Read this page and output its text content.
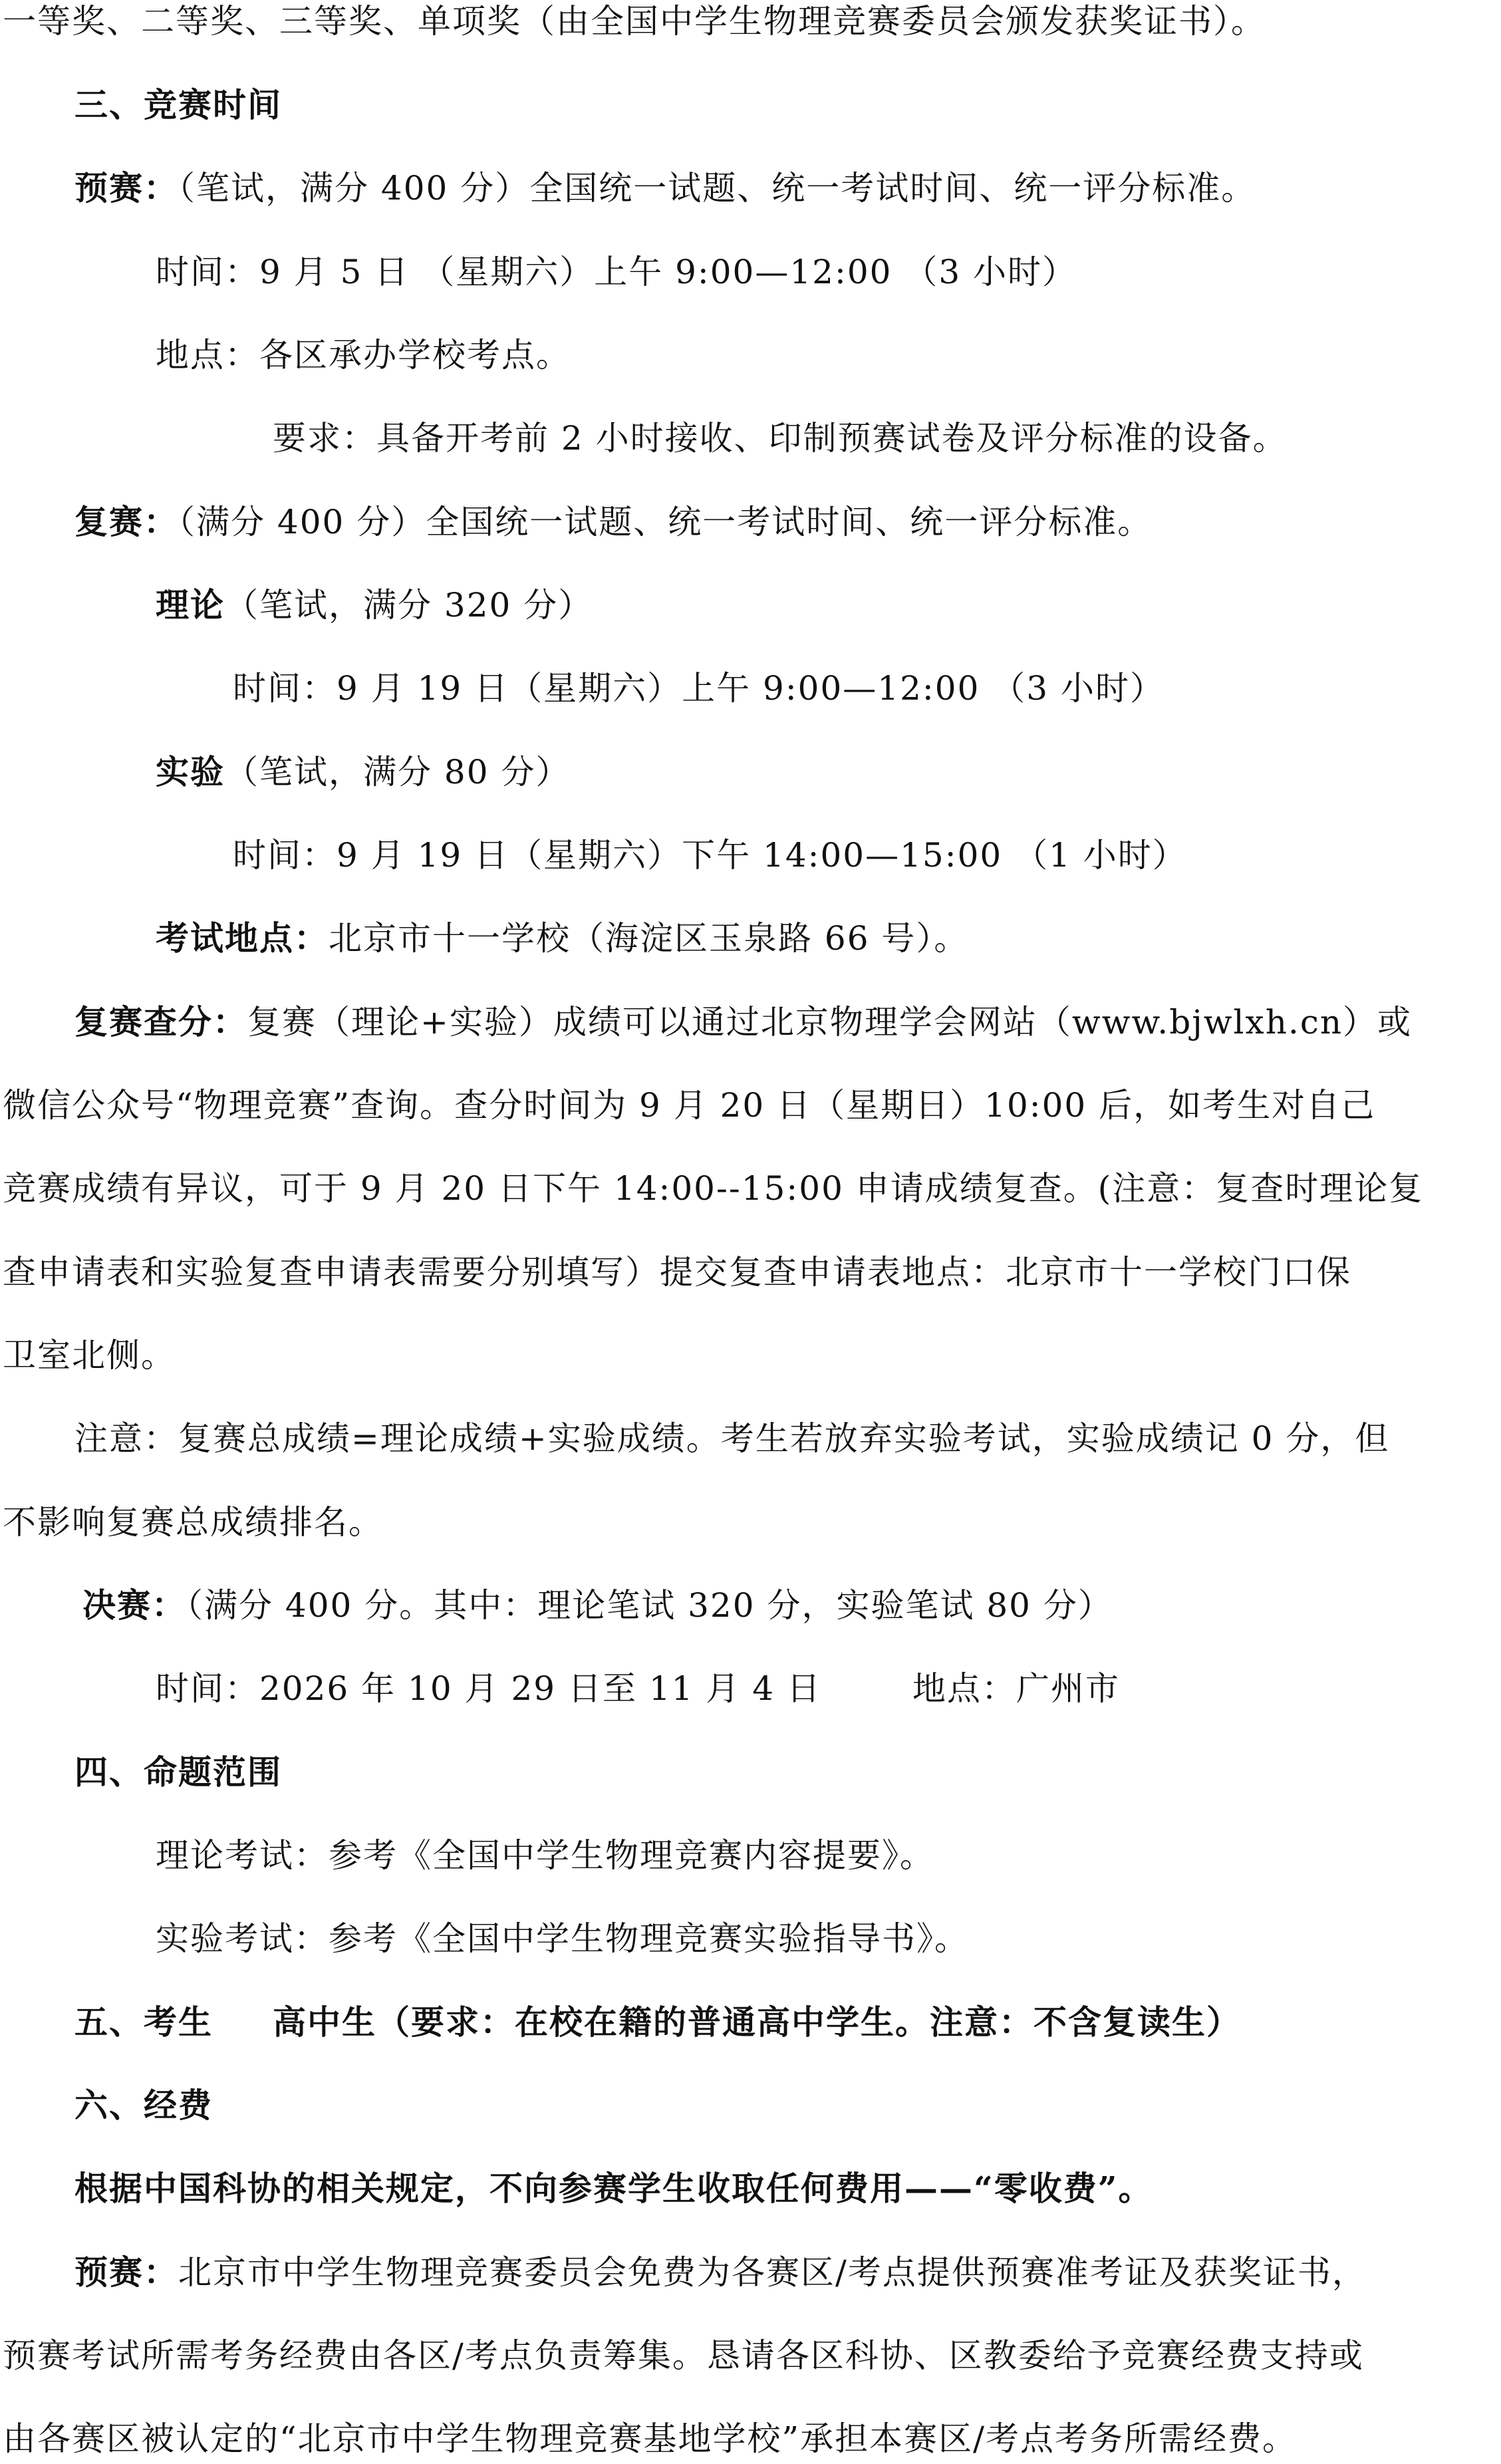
一等奖、二等奖、三等奖、单项奖（由全国中学生物理竞赛委员会颁发获奖证书）。
三、竞赛时间
预赛：（笔试，满分 400 分）全国统一试题、统一考试时间、统一评分标准。
时间：9 月 5 日 （星期六）上午 9:00—12:00 （3 小时）
地点：各区承办学校考点。
要求：具备开考前 2 小时接收、印制预赛试卷及评分标准的设备。
复赛：（满分 400 分）全国统一试题、统一考试时间、统一评分标准。
理论（笔试，满分 320 分）
时间：9 月 19 日（星期六）上午 9:00—12:00 （3 小时）
实验（笔试，满分 80 分）
时间：9 月 19 日（星期六）下午 14:00—15:00 （1 小时）
考试地点：北京市十一学校（海淀区玉泉路 66 号）。
复赛查分：复赛（理论+实验）成绩可以通过北京物理学会网站（www.bjwlxh.cn）或
微信公众号“物理竞赛”查询。查分时间为 9 月 20 日（星期日）10:00 后，如考生对自己
竞赛成绩有异议，可于 9 月 20 日下午 14:00--15:00 申请成绩复查。(注意：复查时理论复
查申请表和实验复查申请表需要分别填写）提交复查申请表地点：北京市十一学校门口保
卫室北侧。
注意：复赛总成绩=理论成绩+实验成绩。考生若放弃实验考试，实验成绩记 0 分，但
不影响复赛总成绩排名。
决赛：（满分 400 分。其中：理论笔试 320 分，实验笔试 80 分）
时间：2026 年 10 月 29 日至 11 月 4 日	地点：广州市
四、命题范围
理论考试：参考《全国中学生物理竞赛内容提要》。
实验考试：参考《全国中学生物理竞赛实验指导书》。
五、考生 高中生（要求：在校在籍的普通高中学生。注意：不含复读生）
六、经费
根据中国科协的相关规定，不向参赛学生收取任何费用——“零收费”。
预赛：北京市中学生物理竞赛委员会免费为各赛区/考点提供预赛准考证及获奖证书，
预赛考试所需考务经费由各区/考点负责筹集。恳请各区科协、区教委给予竞赛经费支持或
由各赛区被认定的“北京市中学生物理竞赛基地学校”承担本赛区/考点考务所需经费。
